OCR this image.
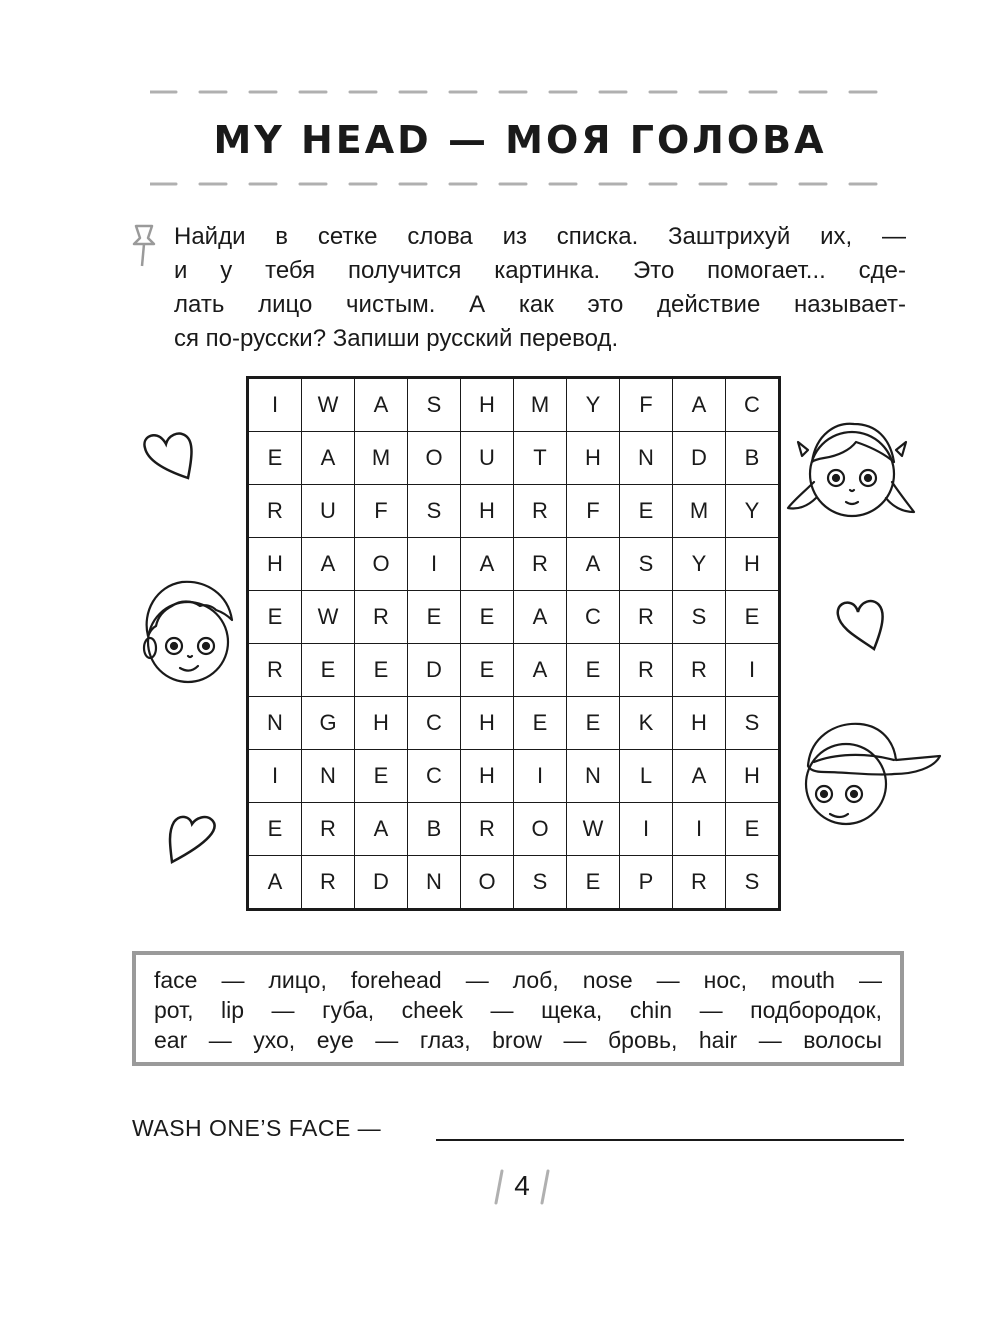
MY HEAD — МОЯ ГОЛОВА
Найди в сетке слова из списка. Заштрихуй их, —
и у тебя получится картинка. Это помогает... сде-
лать лицо чистым. А как это действие называет-
ся по-русски? Запиши русский перевод.
I	W	A	S	H	M	Y	F	A	C
E	A	M	O	U	T	H	N	D	B
R	U	F	S	H	R	F	E	M	Y
H	A	O	I	A	R	A	S	Y	H
E	W	R	E	E	A	C	R	S	E
R	E	E	D	E	A	E	R	R	I
N	G	H	C	H	E	E	K	H	S
I	N	E	C	H	I	N	L	A	H
E	R	A	B	R	O	W	I	I	E
A	R	D	N	O	S	E	P	R	S
face — лицо, forehead — лоб, nose — нос, mouth —
рот, lip — губа, cheek — щека, chin — подбородок,
ear — ухо, eye — глаз, brow — бровь, hair — волосы
WASH ONE’S FACE —
4
